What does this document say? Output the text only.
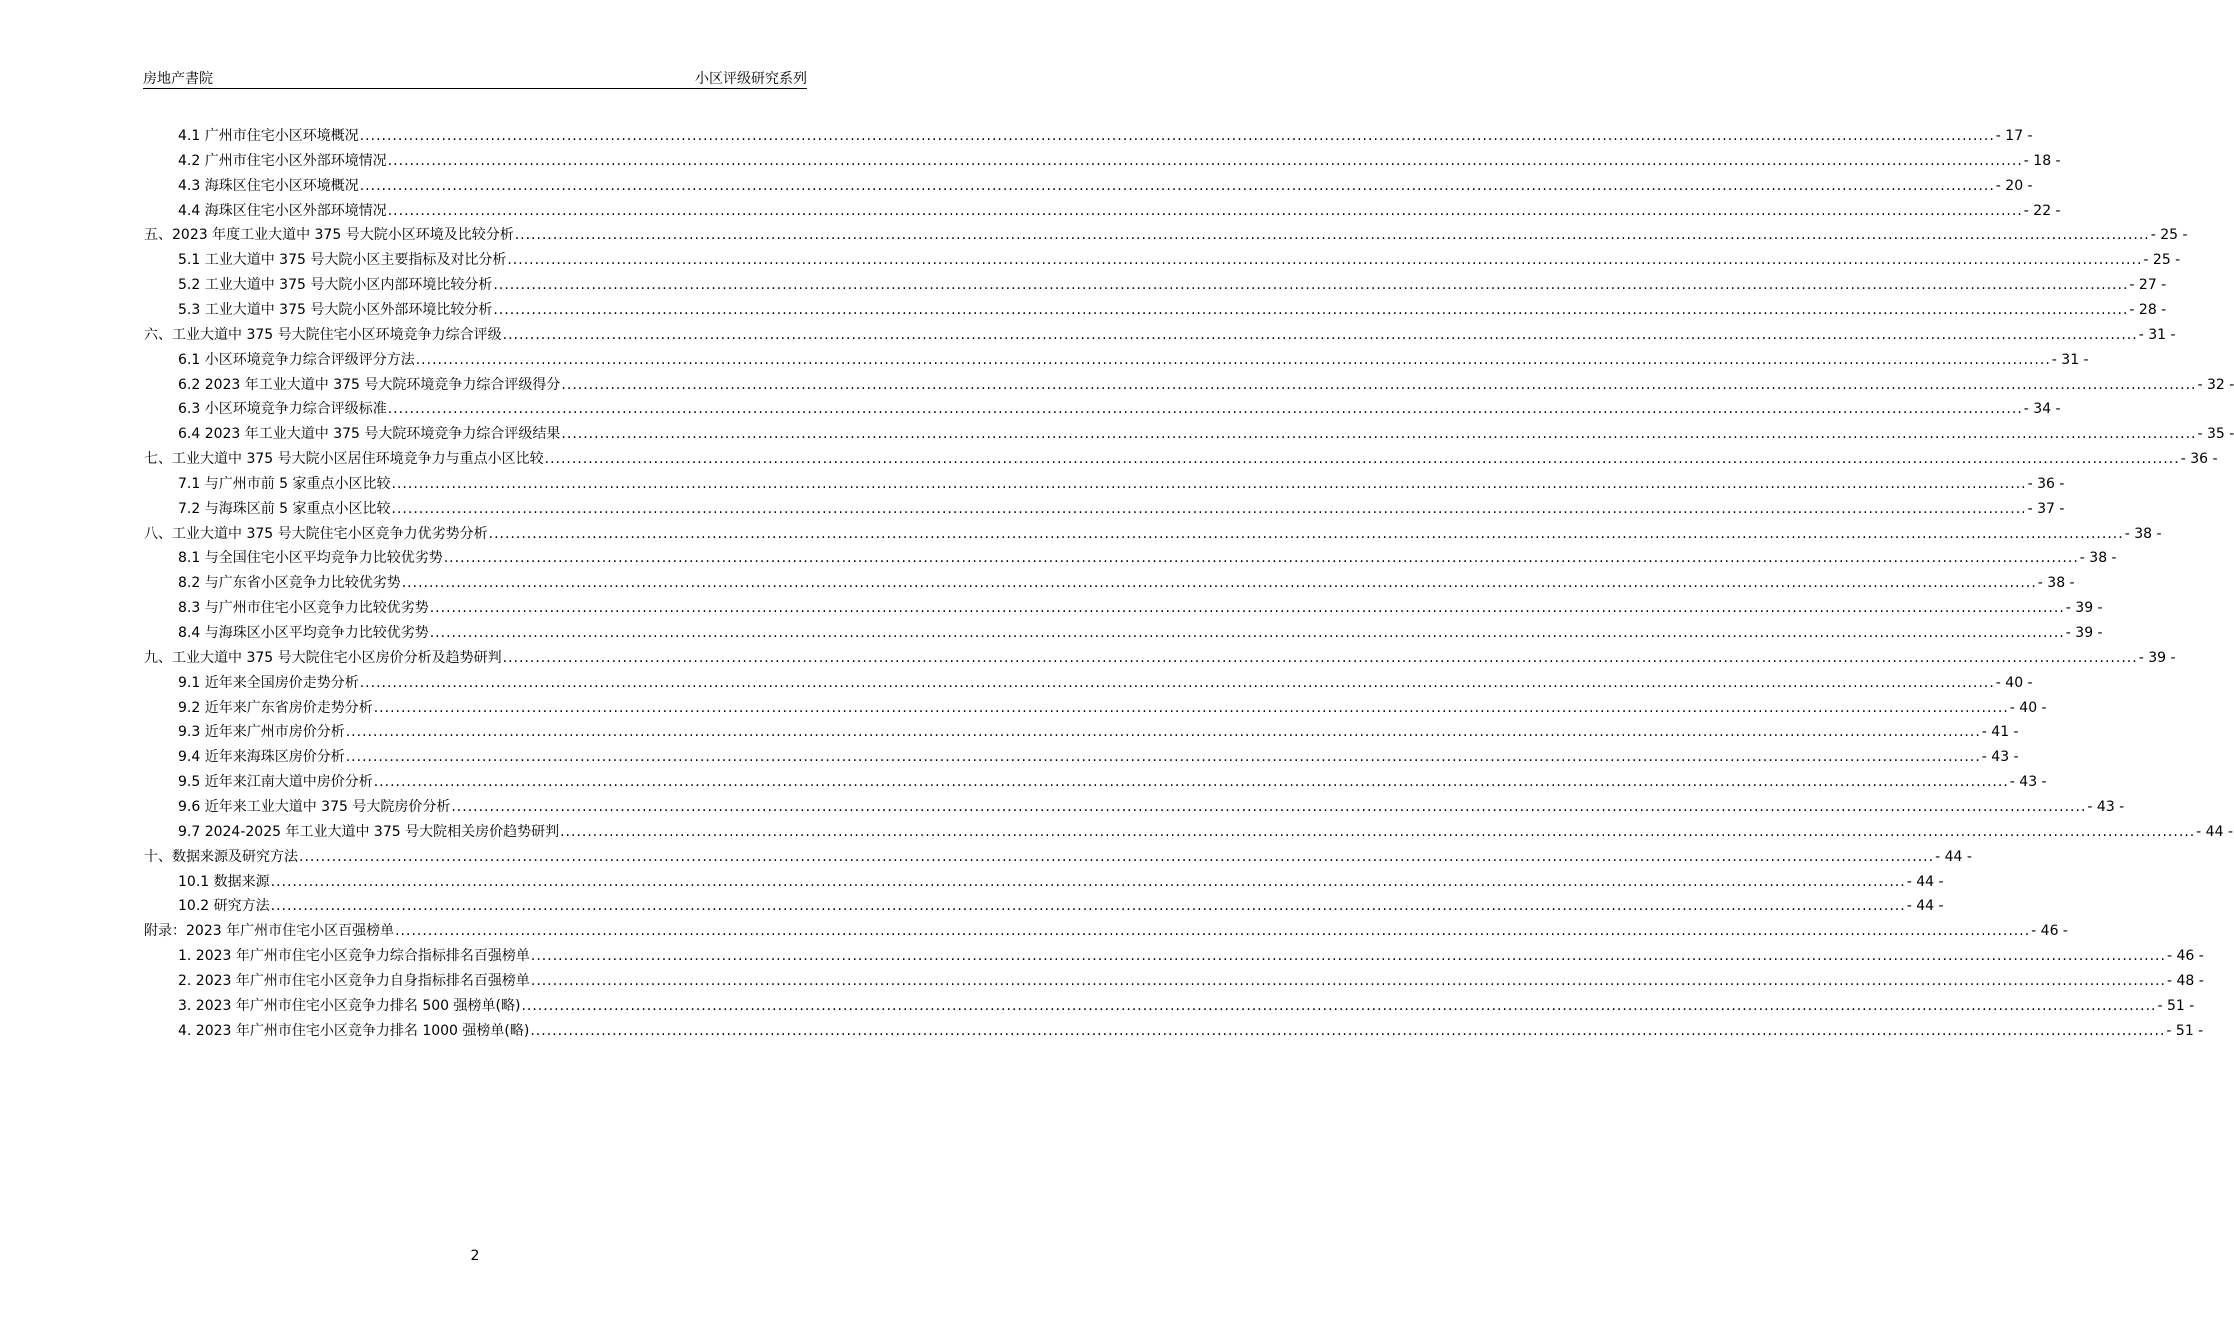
房地产書院	小区评级研究系列
4.1 广州市住宅小区环境概况 ............................................................................................................................................................................................................................................................................................................ - 17 -
4.2 广州市住宅小区外部环境情况 ............................................................................................................................................................................................................................................................................................................ - 18 -
4.3 海珠区住宅小区环境概况 ............................................................................................................................................................................................................................................................................................................ - 20 -
4.4 海珠区住宅小区外部环境情况 ............................................................................................................................................................................................................................................................................................................ - 22 -
五、2023 年度工业大道中 375 号大院小区环境及比较分析 ............................................................................................................................................................................................................................................................................................................ - 25 -
5.1 工业大道中 375 号大院小区主要指标及对比分析 ............................................................................................................................................................................................................................................................................................................ - 25 -
5.2 工业大道中 375 号大院小区内部环境比较分析 ............................................................................................................................................................................................................................................................................................................ - 27 -
5.3 工业大道中 375 号大院小区外部环境比较分析 ............................................................................................................................................................................................................................................................................................................ - 28 -
六、工业大道中 375 号大院住宅小区环境竞争力综合评级 ............................................................................................................................................................................................................................................................................................................ - 31 -
6.1 小区环境竞争力综合评级评分方法 ............................................................................................................................................................................................................................................................................................................ - 31 -
6.2 2023 年工业大道中 375 号大院环境竞争力综合评级得分 ............................................................................................................................................................................................................................................................................................................ - 32 -
6.3 小区环境竞争力综合评级标准 ............................................................................................................................................................................................................................................................................................................ - 34 -
6.4 2023 年工业大道中 375 号大院环境竞争力综合评级结果 ............................................................................................................................................................................................................................................................................................................ - 35 -
七、工业大道中 375 号大院小区居住环境竞争力与重点小区比较 ............................................................................................................................................................................................................................................................................................................ - 36 -
7.1 与广州市前 5 家重点小区比较 ............................................................................................................................................................................................................................................................................................................ - 36 -
7.2 与海珠区前 5 家重点小区比较 ............................................................................................................................................................................................................................................................................................................ - 37 -
八、工业大道中 375 号大院住宅小区竞争力优劣势分析 ............................................................................................................................................................................................................................................................................................................ - 38 -
8.1 与全国住宅小区平均竞争力比较优劣势 ............................................................................................................................................................................................................................................................................................................ - 38 -
8.2 与广东省小区竞争力比较优劣势 ............................................................................................................................................................................................................................................................................................................ - 38 -
8.3 与广州市住宅小区竞争力比较优劣势 ............................................................................................................................................................................................................................................................................................................ - 39 -
8.4 与海珠区小区平均竞争力比较优劣势 ............................................................................................................................................................................................................................................................................................................ - 39 -
九、工业大道中 375 号大院住宅小区房价分析及趋势研判 ............................................................................................................................................................................................................................................................................................................ - 39 -
9.1 近年来全国房价走势分析 ............................................................................................................................................................................................................................................................................................................ - 40 -
9.2 近年来广东省房价走势分析 ............................................................................................................................................................................................................................................................................................................ - 40 -
9.3 近年来广州市房价分析 ............................................................................................................................................................................................................................................................................................................ - 41 -
9.4 近年来海珠区房价分析 ............................................................................................................................................................................................................................................................................................................ - 43 -
9.5 近年来江南大道中房价分析 ............................................................................................................................................................................................................................................................................................................ - 43 -
9.6 近年来工业大道中 375 号大院房价分析 ............................................................................................................................................................................................................................................................................................................ - 43 -
9.7 2024-2025 年工业大道中 375 号大院相关房价趋势研判 ............................................................................................................................................................................................................................................................................................................ - 44 -
十、数据来源及研究方法 ............................................................................................................................................................................................................................................................................................................ - 44 -
10.1 数据来源 ............................................................................................................................................................................................................................................................................................................ - 44 -
10.2 研究方法 ............................................................................................................................................................................................................................................................................................................ - 44 -
附录：2023 年广州市住宅小区百强榜单 ............................................................................................................................................................................................................................................................................................................ - 46 -
1. 2023 年广州市住宅小区竞争力综合指标排名百强榜单 ............................................................................................................................................................................................................................................................................................................ - 46 -
2. 2023 年广州市住宅小区竞争力自身指标排名百强榜单 ............................................................................................................................................................................................................................................................................................................ - 48 -
3. 2023 年广州市住宅小区竞争力排名 500 强榜单(略) ............................................................................................................................................................................................................................................................................................................ - 51 -
4. 2023 年广州市住宅小区竞争力排名 1000 强榜单(略) ............................................................................................................................................................................................................................................................................................................ - 51 -
2
